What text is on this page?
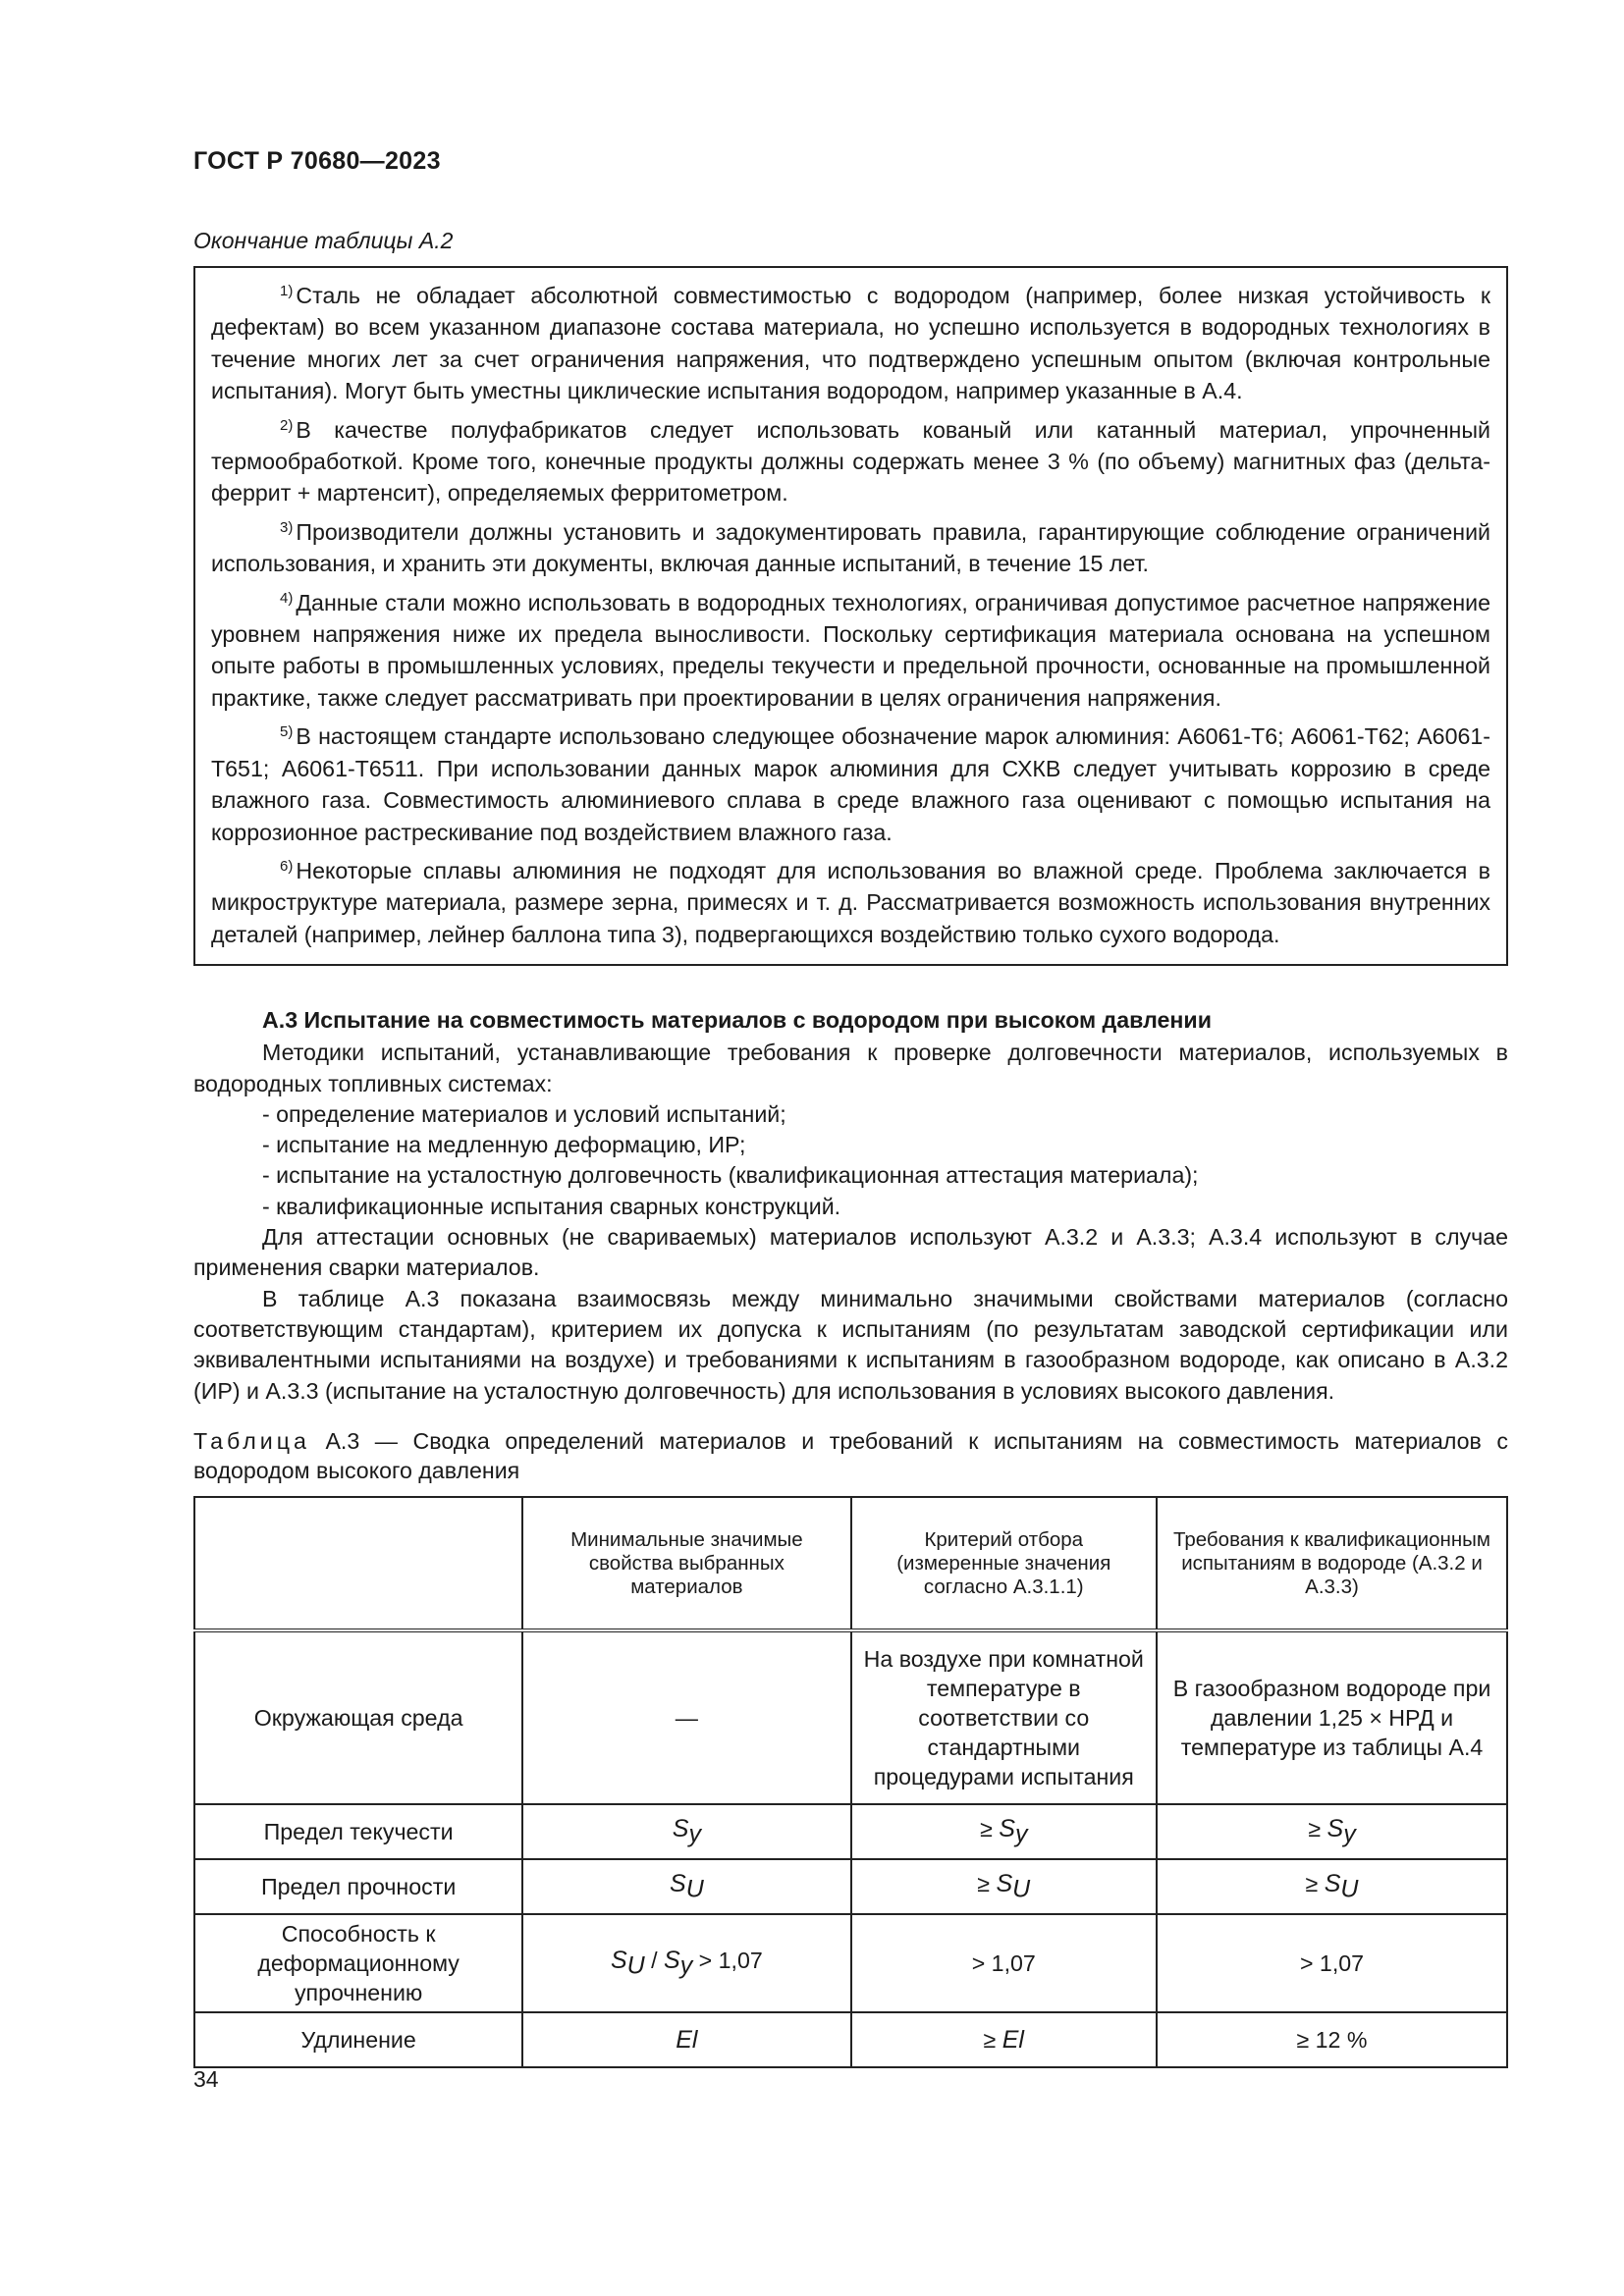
ГОСТ Р 70680—2023
Окончание таблицы А.2

$^{1)}$ Сталь не обладает абсолютной совместимостью с водородом (например, более низкая устойчивость к дефектам) во всем указанном диапазоне состава материала, но успешно используется в водородных технологиях в течение многих лет за счет ограничения напряжения, что подтверждено успешным опытом (включая контрольные испытания). Могут быть уместны циклические испытания водородом, например указанные в А.4.

$^{2)}$ В качестве полуфабрикатов следует использовать кованый или катанный материал, упрочненный термообработкой. Кроме того, конечные продукты должны содержать менее 3 % (по объему) магнитных фаз (дельта-феррит + мартенсит), определяемых ферритометром.

$^{3)}$ Производители должны установить и задокументировать правила, гарантирующие соблюдение ограничений использования, и хранить эти документы, включая данные испытаний, в течение 15 лет.

$^{4)}$ Данные стали можно использовать в водородных технологиях, ограничивая допустимое расчетное напряжение уровнем напряжения ниже их предела выносливости. Поскольку сертификация материала основана на успешном опыте работы в промышленных условиях, пределы текучести и предельной прочности, основанные на промышленной практике, также следует рассматривать при проектировании в целях ограничения напряжения.

$^{5)}$ В настоящем стандарте использовано следующее обозначение марок алюминия: А6061-Т6; А6061-Т62; А6061-Т651; А6061-Т6511. При использовании данных марок алюминия для СХКВ следует учитывать коррозию в среде влажного газа. Совместимость алюминиевого сплава в среде влажного газа оценивают с помощью испытания на коррозионное растрескивание под воздействием влажного газа.

$^{6)}$ Некоторые сплавы алюминия не подходят для использования во влажной среде. Проблема заключается в микроструктуре материала, размере зерна, примесях и т. д. Рассматривается возможность использования внутренних деталей (например, лейнер баллона типа 3), подвергающихся воздействию только сухого водорода.

А.3 Испытание на совместимость материалов с водородом при высоком давлении

Методики испытаний, устанавливающие требования к проверке долговечности материалов, используемых в водородных топливных системах:

- определение материалов и условий испытаний;
- испытание на медленную деформацию, ИР;
- испытание на усталостную долговечность (квалификационная аттестация материала);
- квалификационные испытания сварных конструкций.

Для аттестации основных (не свариваемых) материалов используют А.3.2 и А.3.3; А.3.4 используют в случае применения сварки материалов.

В таблице А.3 показана взаимосвязь между минимально значимыми свойствами материалов (согласно соответствующим стандартам), критерием их допуска к испытаниям (по результатам заводской сертификации или эквивалентными испытаниями на воздухе) и требованиями к испытаниям в газообразном водороде, как описано в А.3.2 (ИР) и А.3.3 (испытание на усталостную долговечность) для использования в условиях высокого давления.

Таблица А.3 — Сводка определений материалов и требований к испытаниям на совместимость материалов с водородом высокого давления
	Минимальные значимые свойства выбранных материалов	Критерий отбора (измеренные значения согласно А.3.1.1)	Требования к квалификационным испытаниям в водороде (А.3.2 и А.3.3)
Окружающая среда	—	На воздухе при комнатной температуре в соответствии со стандартными процедурами испытания	В газообразном водороде при давлении 1,25 × НРД и температуре из таблицы А.4
Предел текучести	$S_y$	≥ $S_y$	≥ $S_y$
Предел прочности	$S_U$	≥ $S_U$	≥ $S_U$
Способность к деформационному упрочнению	$S_U / S_y > 1,07$	> 1,07	> 1,07
Удлинение	El	≥ El	≥ 12 %
34
